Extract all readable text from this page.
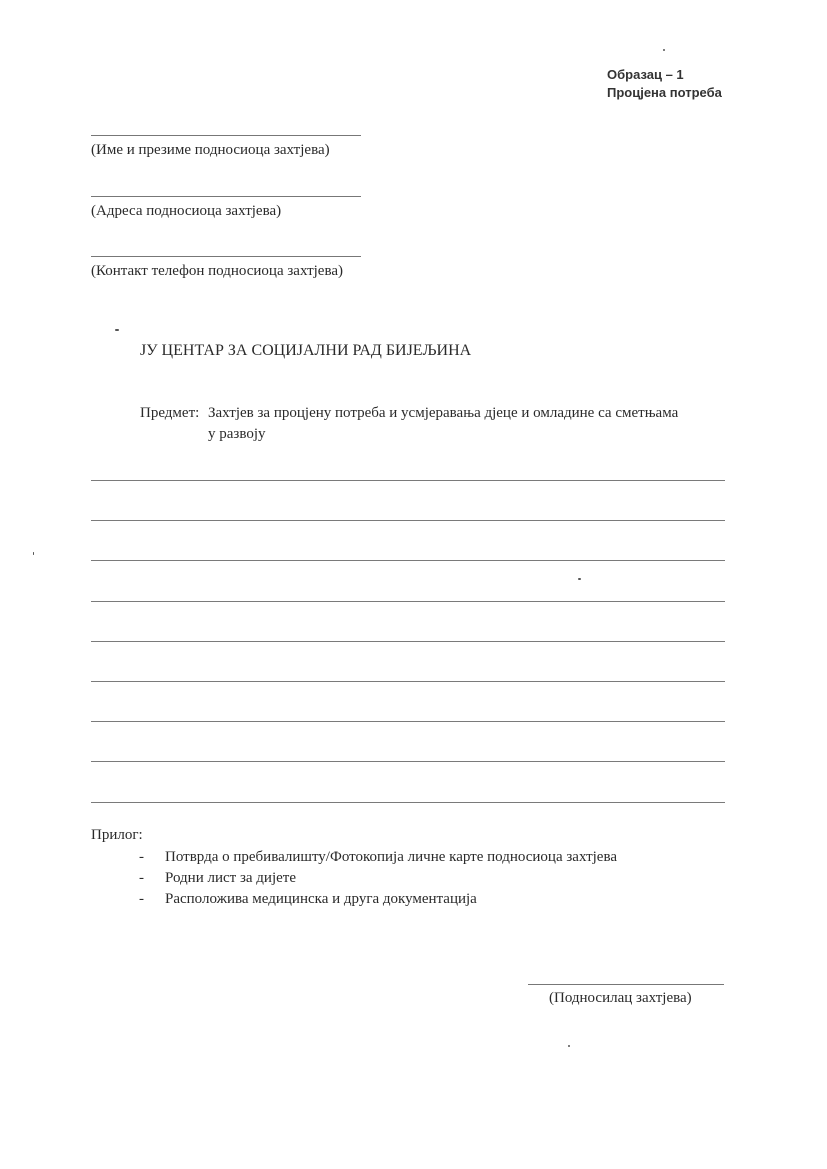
Образац – 1
Процјена потреба
(Име и презиме подносиоца захтјева)
(Адреса подносиоца захтјева)
(Контакт телефон подносиоца захтјева)
ЈУ ЦЕНТАР ЗА СОЦИЈАЛНИ РАД БИЈЕЉИНА
Предмет: Захтјев за процјену потреба и усмјеравања дјеце и омладине са сметњама
у развоју
Прилог:
- Потврда о пребивалишту/Фотокопија личне карте подносиоца захтјева
- Родни лист за дијете
- Расположива медицинска и друга документација
(Подносилац захтјева)
